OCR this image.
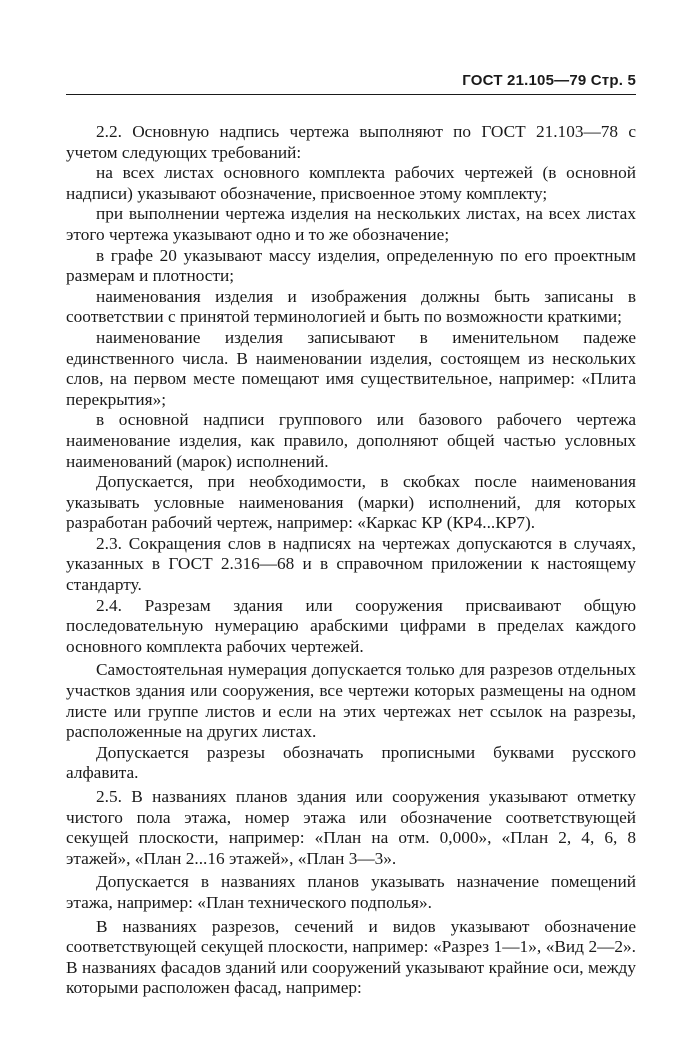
ГОСТ 21.105—79 Стр. 5

2.2. Основную надпись чертежа выполняют по ГОСТ 21.103—78 с учетом следующих требований:

на всех листах основного комплекта рабочих чертежей (в основной надписи) указывают обозначение, присвоенное этому комплекту;

при выполнении чертежа изделия на нескольких листах, на всех листах этого чертежа указывают одно и то же обозначение;

в графе 20 указывают массу изделия, определенную по его проектным размерам и плотности;

наименования изделия и изображения должны быть записаны в соответствии с принятой терминологией и быть по возможности краткими;

наименование изделия записывают в именительном падеже единственного числа. В наименовании изделия, состоящем из нескольких слов, на первом месте помещают имя существительное, например: «Плита перекрытия»;

в основной надписи группового или базового рабочего чертежа наименование изделия, как правило, дополняют общей частью условных наименований (марок) исполнений.

Допускается, при необходимости, в скобках после наименования указывать условные наименования (марки) исполнений, для которых разработан рабочий чертеж, например: «Каркас КР (КР4...КР7).

2.3. Сокращения слов в надписях на чертежах допускаются в случаях, указанных в ГОСТ 2.316—68 и в справочном приложении к настоящему стандарту.

2.4. Разрезам здания или сооружения присваивают общую последовательную нумерацию арабскими цифрами в пределах каждого основного комплекта рабочих чертежей.

Самостоятельная нумерация допускается только для разрезов отдельных участков здания или сооружения, все чертежи которых размещены на одном листе или группе листов и если на этих чертежах нет ссылок на разрезы, расположенные на других листах.

Допускается разрезы обозначать прописными буквами русского алфавита.

2.5. В названиях планов здания или сооружения указывают отметку чистого пола этажа, номер этажа или обозначение соответствующей секущей плоскости, например: «План на отм. 0,000», «План 2, 4, 6, 8 этажей», «План 2...16 этажей», «План 3—3».

Допускается в названиях планов указывать назначение помещений этажа, например: «План технического подполья».

В названиях разрезов, сечений и видов указывают обозначение соответствующей секущей плоскости, например: «Разрез 1—1», «Вид 2—2». В названиях фасадов зданий или сооружений указывают крайние оси, между которыми расположен фасад, например:
